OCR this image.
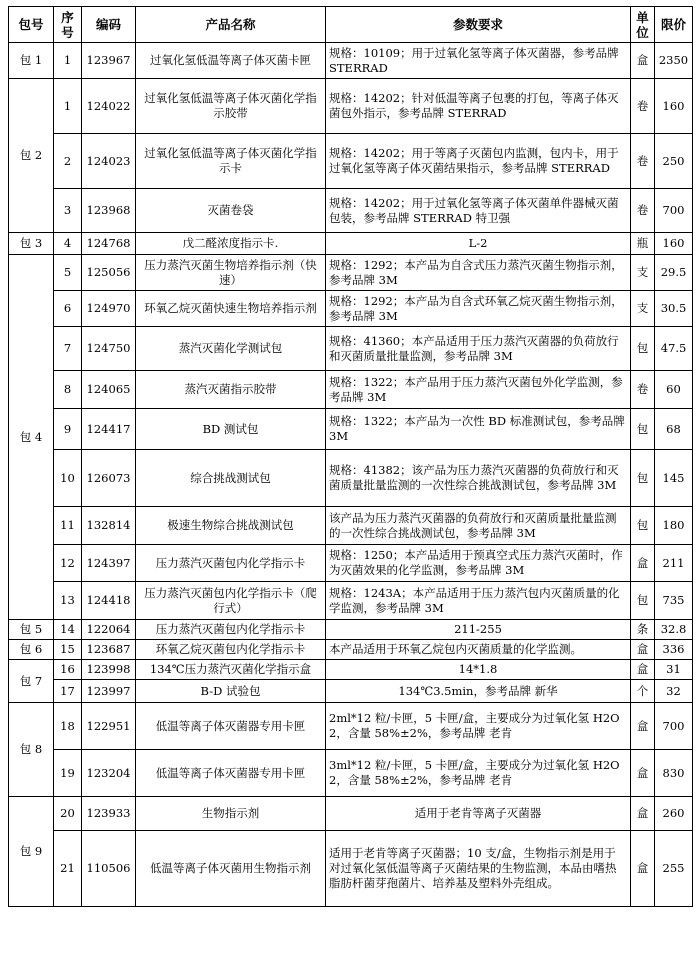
包号	序号	编码	产品名称	参数要求	单位	限价
包 1	1	123967	过氧化氢低温等离子体灭菌卡匣	规格：10109；用于过氧化氢等离子体灭菌器，参考品牌 STERRAD	盒	2350
包 2	1	124022	过氧化氢低温等离子体灭菌化学指示胶带	规格：14202；针对低温等离子包裹的打包，等离子体灭菌包外指示，参考品牌 STERRAD	卷	160
	2	124023	过氧化氢低温等离子体灭菌化学指示卡	规格：14202；用于等离子灭菌包内监测，包内卡，用于过氧化氢等离子体灭菌结果指示，参考品牌 STERRAD	卷	250
	3	123968	灭菌卷袋	规格：14202；用于过氧化氢等离子体灭菌单件器械灭菌包装，参考品牌 STERRAD 特卫强	卷	700
包 3	4	124768	戊二醛浓度指示卡.	L-2	瓶	160
包 4	5	125056	压力蒸汽灭菌生物培养指示剂（快速）	规格：1292；本产品为自含式压力蒸汽灭菌生物指示剂，参考品牌 3M	支	29.5
	6	124970	环氧乙烷灭菌快速生物培养指示剂	规格：1292；本产品为自含式环氧乙烷灭菌生物指示剂，参考品牌 3M	支	30.5
	7	124750	蒸汽灭菌化学测试包	规格：41360；本产品适用于压力蒸汽灭菌器的负荷放行和灭菌质量批量监测，参考品牌 3M	包	47.5
	8	124065	蒸汽灭菌指示胶带	规格：1322；本产品用于压力蒸汽灭菌包外化学监测，参考品牌 3M	卷	60
	9	124417	BD 测试包	规格：1322；本产品为一次性 BD 标准测试包，参考品牌 3M	包	68
	10	126073	综合挑战测试包	规格：41382；该产品为压力蒸汽灭菌器的负荷放行和灭菌质量批量监测的一次性综合挑战测试包，参考品牌 3M	包	145
	11	132814	极速生物综合挑战测试包	该产品为压力蒸汽灭菌器的负荷放行和灭菌质量批量监测的一次性综合挑战测试包，参考品牌 3M	包	180
	12	124397	压力蒸汽灭菌包内化学指示卡	规格：1250；本产品适用于预真空式压力蒸汽灭菌时，作为灭菌效果的化学监测，参考品牌 3M	盒	211
	13	124418	压力蒸汽灭菌包内化学指示卡（爬行式）	规格：1243A；本产品适用于压力蒸汽包内灭菌质量的化学监测，参考品牌 3M	包	735
包 5	14	122064	压力蒸汽灭菌包内化学指示卡	211-255	条	32.8
包 6	15	123687	环氧乙烷灭菌包内化学指示卡	本产品适用于环氧乙烷包内灭菌质量的化学监测。	盒	336
包 7	16	123998	134℃压力蒸汽灭菌化学指示盒	14*1.8	盒	31
	17	123997	B-D 试验包	134℃3.5min，参考品牌 新华	个	32
包 8	18	122951	低温等离子体灭菌器专用卡匣	2ml*12 粒/卡匣，5 卡匣/盒，主要成分为过氧化氢 H2O2，含量 58%±2%，参考品牌 老肯	盒	700
	19	123204	低温等离子体灭菌器专用卡匣	3ml*12 粒/卡匣，5 卡匣/盒，主要成分为过氧化氢 H2O2，含量 58%±2%，参考品牌 老肯	盒	830
包 9	20	123933	生物指示剂	适用于老肯等离子灭菌器	盒	260
	21	110506	低温等离子体灭菌用生物指示剂	适用于老肯等离子灭菌器；10 支/盒，生物指示剂是用于对过氧化氢低温等离子灭菌结果的生物监测，本品由嗜热脂肪杆菌芽孢菌片、培养基及塑料外壳组成。	盒	255
